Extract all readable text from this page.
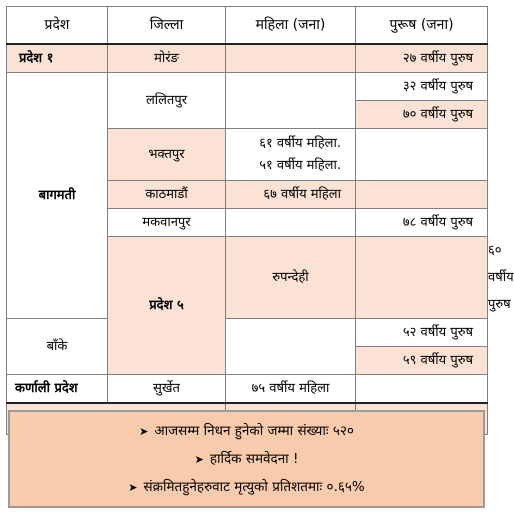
प्रदेश	जिल्ला	महिला (जना)	पुरूष (जना)	
प्रदेश १	मोरंङ		२७ वर्षीय पुरुष	
बागमती	ललितपुर		३२ वर्षीय पुरुष	
			७० वर्षीय पुरुष	
	भक्तपुर	६१ वर्षीय महिला.
५१ वर्षीय महिला.		

	काठमाडौं	६७ वर्षीय महिला		
	मकवानपुर		७८ वर्षीय पुरुष	
	प्रदेश ५	रुपन्देही		६० वर्षीय पुरुष
बाँके			५२ वर्षीय पुरुष	
			५९ वर्षीय पुरुष	
कर्णाली प्रदेश	सुर्खेत	७५ वर्षीय महिला		

➤ आजसम्म निधन हुनेको जम्मा संख्याः ५२०
➤ हार्दिक समवेदना !
➤ संक्रमितहुनेहरुवाट मृत्युको प्रतिशतमाः ०.६५%
